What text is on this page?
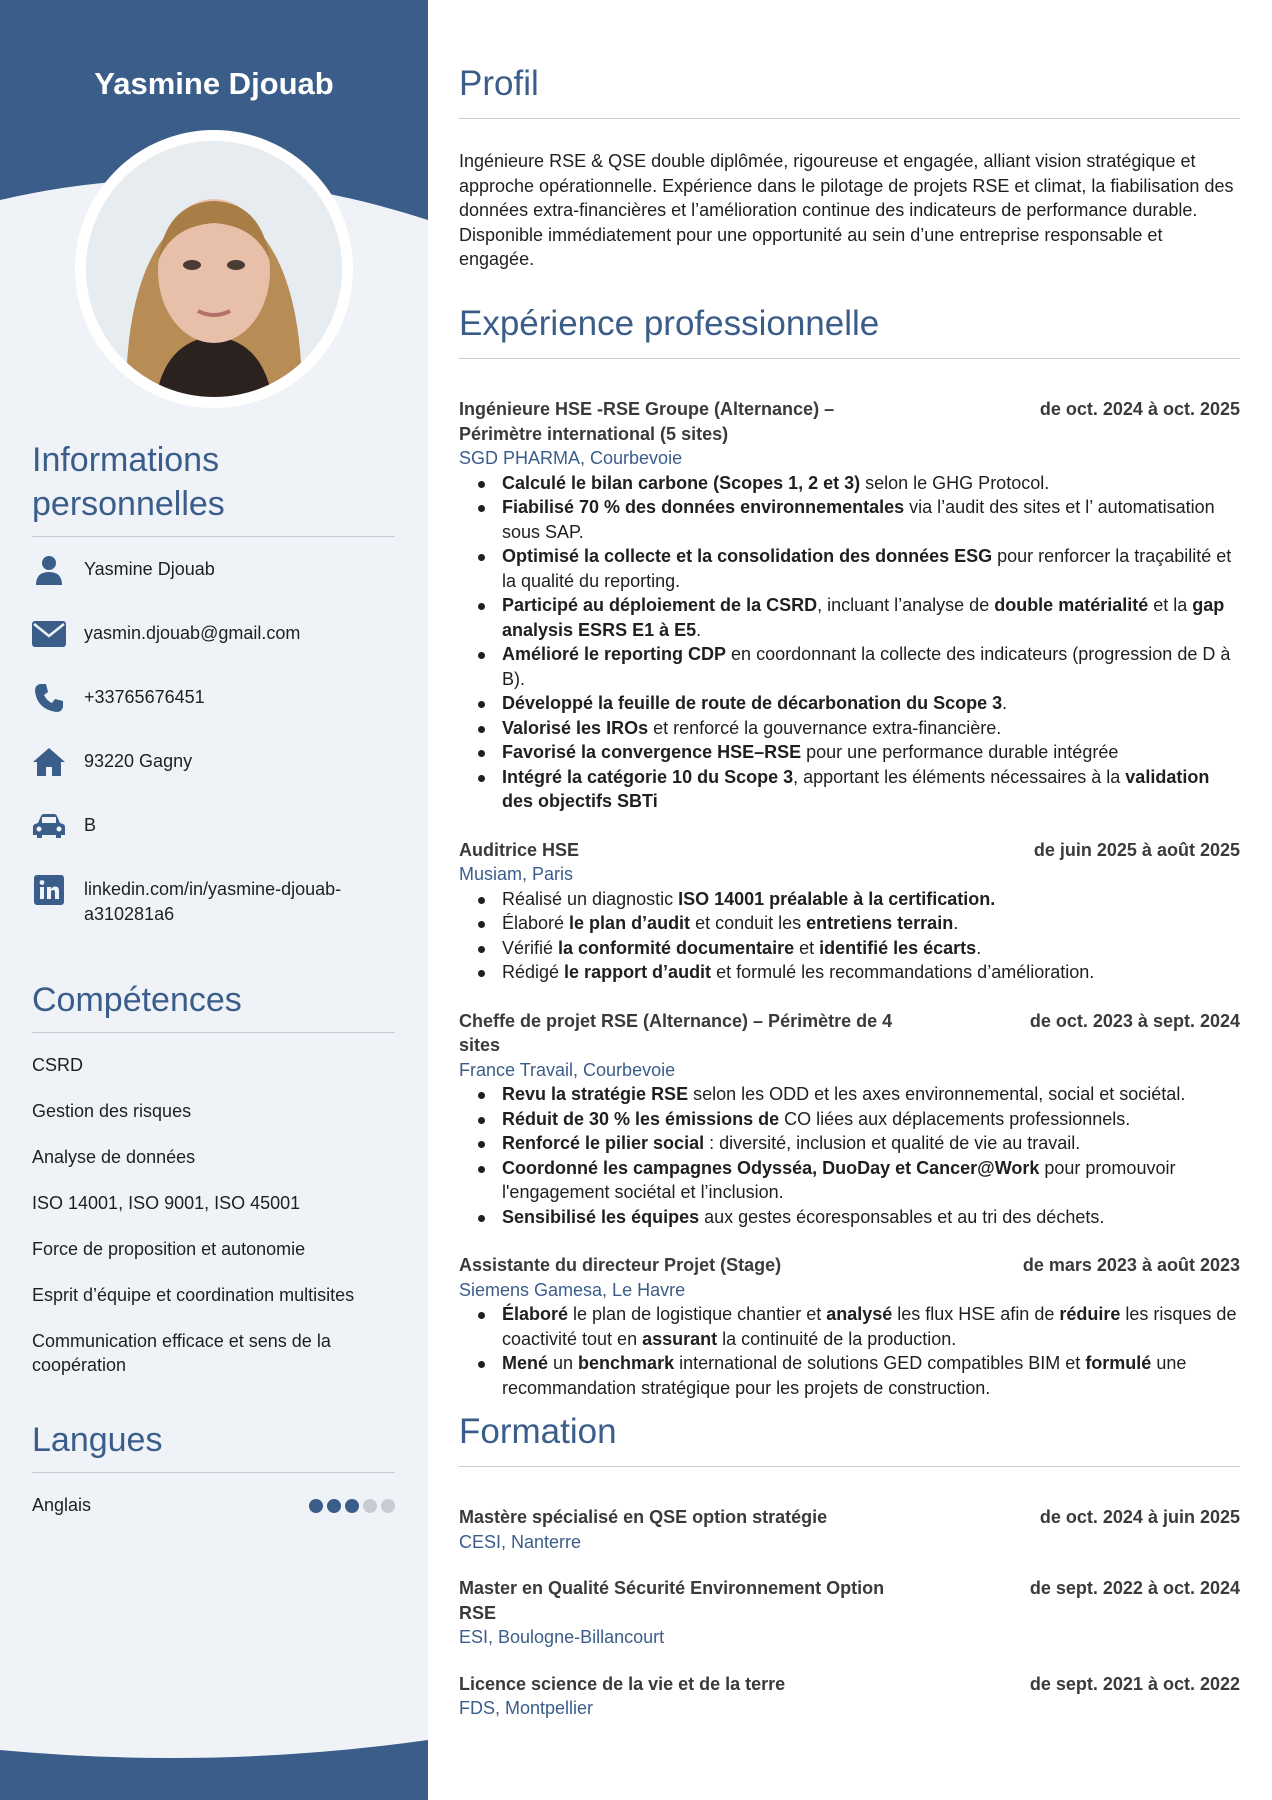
Yasmine Djouab
Informations personnelles
Yasmine Djouab
yasmin.djouab@gmail.com
+33765676451
93220 Gagny
B
linkedin.com/in/yasmine-djouab-a310281a6
Compétences
CSRD
Gestion des risques
Analyse de données
ISO 14001, ISO 9001, ISO 45001
Force de proposition et autonomie
Esprit d’équipe et coordination multisites
Communication efficace et sens de la coopération
Langues
Anglais
Profil

Ingénieure RSE & QSE double diplômée, rigoureuse et engagée, alliant vision stratégique et approche opérationnelle. Expérience dans le pilotage de projets RSE et climat, la fiabilisation des données extra-financières et l’amélioration continue des indicateurs de performance durable. Disponible immédiatement pour une opportunité au sein d’une entreprise responsable et engagée.

Expérience professionnelle
Ingénieure HSE -RSE Groupe (Alternance) – Périmètre international (5 sites)
de oct. 2024 à oct. 2025
SGD PHARMA, Courbevoie
Calculé le bilan carbone (Scopes 1, 2 et 3) selon le GHG Protocol.
Fiabilisé 70 % des données environnementales via l’audit des sites et l’ automatisation sous SAP.
Optimisé la collecte et la consolidation des données ESG pour renforcer la traçabilité et la qualité du reporting.
Participé au déploiement de la CSRD, incluant l’analyse de double matérialité et la gap analysis ESRS E1 à E5.
Amélioré le reporting CDP en coordonnant la collecte des indicateurs (progression de D à B).
Développé la feuille de route de décarbonation du Scope 3.
Valorisé les IROs et renforcé la gouvernance extra-financière.
Favorisé la convergence HSE–RSE pour une performance durable intégrée
Intégré la catégorie 10 du Scope 3, apportant les éléments nécessaires à la validation des objectifs SBTi
Auditrice HSE	de juin 2025 à août 2025
Musiam, Paris
Réalisé un diagnostic ISO 14001 préalable à la certification.
Élaboré le plan d’audit et conduit les entretiens terrain.
Vérifié la conformité documentaire et identifié les écarts.
Rédigé le rapport d’audit et formulé les recommandations d’amélioration.
Cheffe de projet RSE (Alternance) – Périmètre de 4 sites
de oct. 2023 à sept. 2024
France Travail, Courbevoie
Revu la stratégie RSE selon les ODD et les axes environnemental, social et sociétal.
Réduit de 30 % les émissions de CO liées aux déplacements professionnels.
Renforcé le pilier social : diversité, inclusion et qualité de vie au travail.
Coordonné les campagnes Odysséa, DuoDay et Cancer@Work pour promouvoir l'engagement sociétal et l’inclusion.
Sensibilisé les équipes aux gestes écoresponsables et au tri des déchets.
Assistante du directeur Projet (Stage)	de mars 2023 à août 2023
Siemens Gamesa, Le Havre
Élaboré le plan de logistique chantier et analysé les flux HSE afin de réduire les risques de coactivité tout en assurant la continuité de la production.
Mené un benchmark international de solutions GED compatibles BIM et formulé une recommandation stratégique pour les projets de construction.
Formation
Mastère spécialisé en QSE option stratégie	de oct. 2024 à juin 2025
CESI, Nanterre
Master en Qualité Sécurité Environnement Option RSE
de sept. 2022 à oct. 2024
ESI, Boulogne-Billancourt
Licence science de la vie et de la terre	de sept. 2021 à oct. 2022
FDS, Montpellier
